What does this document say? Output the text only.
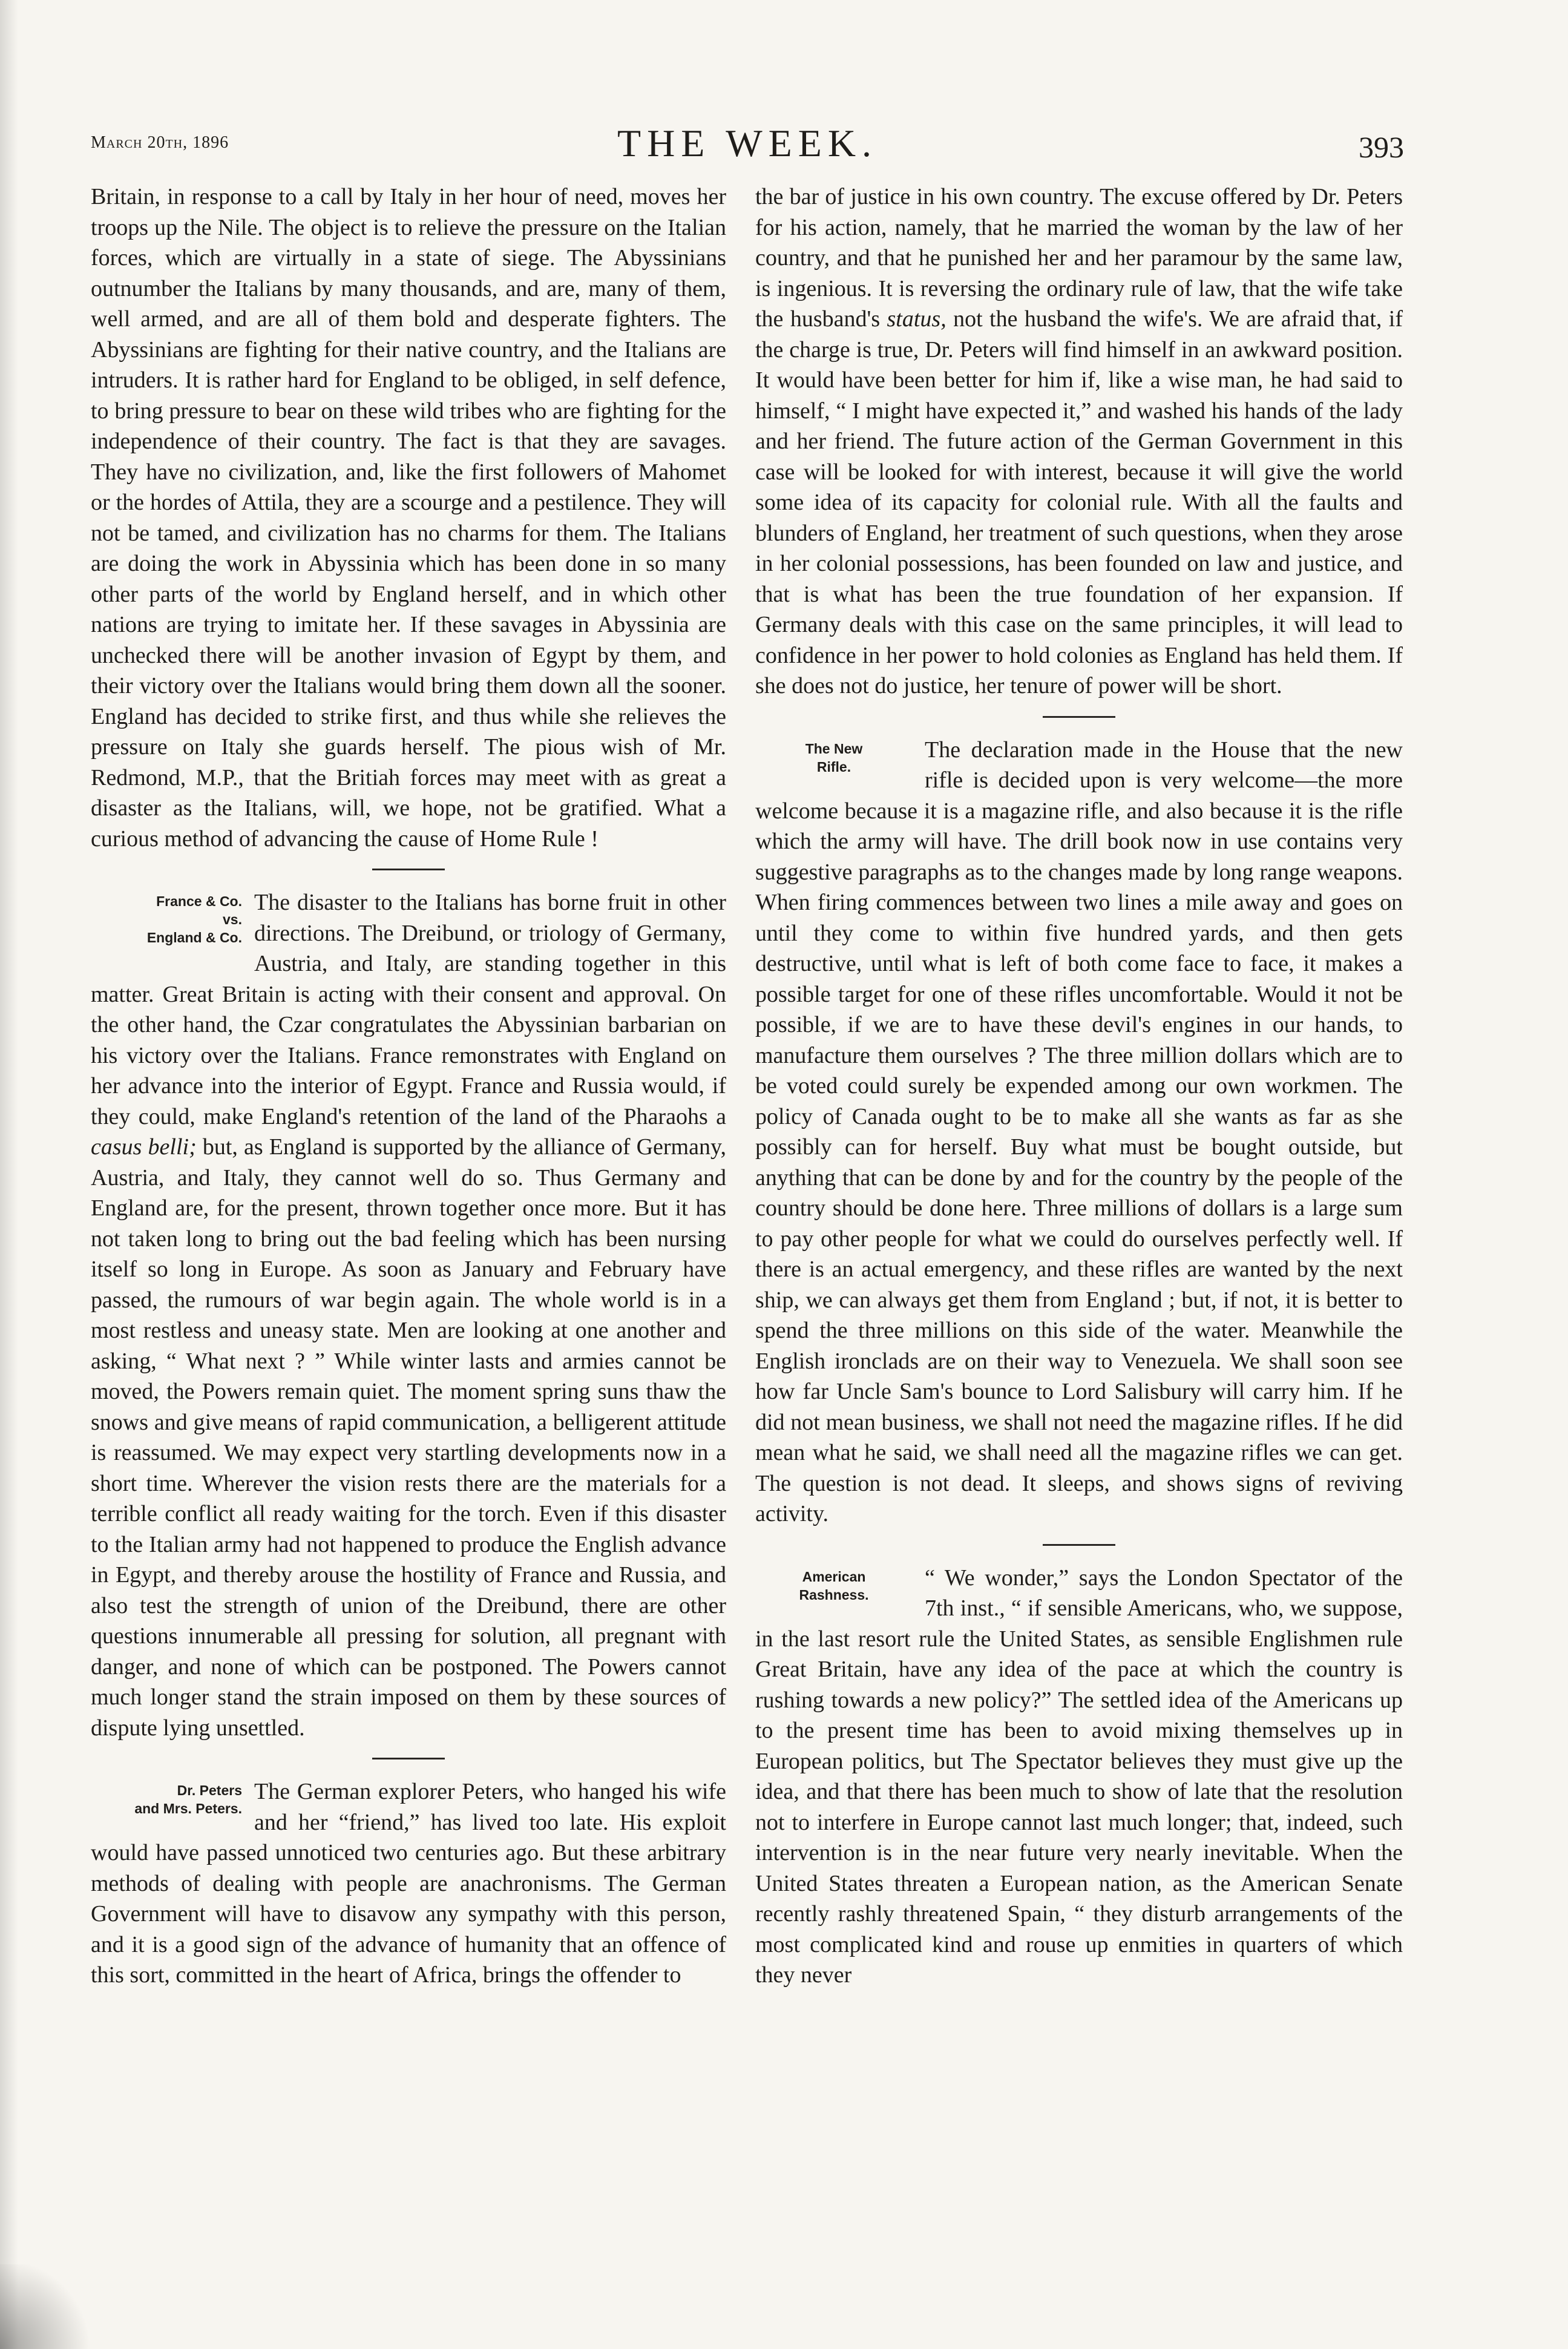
March 20th, 1896	THE WEEK.	393

Britain, in response to a call by Italy in her hour of need, moves her troops up the Nile. The object is to relieve the pressure on the Italian forces, which are virtually in a state of siege. The Abyssinians outnumber the Italians by many thousands, and are, many of them, well armed, and are all of them bold and desperate fighters. The Abyssinians are fighting for their native country, and the Italians are intruders. It is rather hard for England to be obliged, in self defence, to bring pressure to bear on these wild tribes who are fighting for the independence of their country. The fact is that they are savages. They have no civilization, and, like the first followers of Mahomet or the hordes of Attila, they are a scourge and a pestilence. They will not be tamed, and civilization has no charms for them. The Italians are doing the work in Abyssinia which has been done in so many other parts of the world by England herself, and in which other nations are trying to imitate her. If these savages in Abyssinia are unchecked there will be another invasion of Egypt by them, and their victory over the Italians would bring them down all the sooner. England has decided to strike first, and thus while she relieves the pressure on Italy she guards herself. The pious wish of Mr. Redmond, M.P., that the Britiah forces may meet with as great a disaster as the Italians, will, we hope, not be gratified. What a curious method of advancing the cause of Home Rule !

France & Co.
vs.
England & Co.

The disaster to the Italians has borne fruit in other directions. The Dreibund, or triology of Germany, Austria, and Italy, are standing together in this matter. Great Britain is acting with their consent and approval. On the other hand, the Czar congratulates the Abyssinian barbarian on his victory over the Italians. France remonstrates with England on her advance into the interior of Egypt. France and Russia would, if they could, make England's retention of the land of the Pharaohs a casus belli; but, as England is supported by the alliance of Germany, Austria, and Italy, they cannot well do so. Thus Germany and England are, for the present, thrown together once more. But it has not taken long to bring out the bad feeling which has been nursing itself so long in Europe. As soon as January and February have passed, the rumours of war begin again. The whole world is in a most restless and uneasy state. Men are looking at one another and asking, “ What next ? ” While winter lasts and armies cannot be moved, the Powers remain quiet. The moment spring suns thaw the snows and give means of rapid communication, a belligerent attitude is reassumed. We may expect very startling developments now in a short time. Wherever the vision rests there are the materials for a terrible conflict all ready waiting for the torch. Even if this disaster to the Italian army had not happened to produce the English advance in Egypt, and thereby arouse the hostility of France and Russia, and also test the strength of union of the Dreibund, there are other questions innumerable all pressing for solution, all pregnant with danger, and none of which can be postponed. The Powers cannot much longer stand the strain imposed on them by these sources of dispute lying unsettled.

Dr. Peters
and Mrs. Peters.

The German explorer Peters, who hanged his wife and her “friend,” has lived too late. His exploit would have passed unnoticed two centuries ago. But these arbitrary methods of dealing with people are anachronisms. The German Government will have to disavow any sympathy with this person, and it is a good sign of the advance of humanity that an offence of this sort, committed in the heart of Africa, brings the offender to

the bar of justice in his own country. The excuse offered by Dr. Peters for his action, namely, that he married the woman by the law of her country, and that he punished her and her paramour by the same law, is ingenious. It is reversing the ordinary rule of law, that the wife take the husband's status, not the husband the wife's. We are afraid that, if the charge is true, Dr. Peters will find himself in an awkward position. It would have been better for him if, like a wise man, he had said to himself, “ I might have expected it,” and washed his hands of the lady and her friend. The future action of the German Government in this case will be looked for with interest, because it will give the world some idea of its capacity for colonial rule. With all the faults and blunders of England, her treatment of such questions, when they arose in her colonial possessions, has been founded on law and justice, and that is what has been the true foundation of her expansion. If Germany deals with this case on the same principles, it will lead to confidence in her power to hold colonies as England has held them. If she does not do justice, her tenure of power will be short.

The New
Rifle.

The declaration made in the House that the new rifle is decided upon is very welcome—the more welcome because it is a magazine rifle, and also because it is the rifle which the army will have. The drill book now in use contains very suggestive paragraphs as to the changes made by long range weapons. When firing commences between two lines a mile away and goes on until they come to within five hundred yards, and then gets destructive, until what is left of both come face to face, it makes a possible target for one of these rifles uncomfortable. Would it not be possible, if we are to have these devil's engines in our hands, to manufacture them ourselves ? The three million dollars which are to be voted could surely be expended among our own workmen. The policy of Canada ought to be to make all she wants as far as she possibly can for herself. Buy what must be bought outside, but anything that can be done by and for the country by the people of the country should be done here. Three millions of dollars is a large sum to pay other people for what we could do ourselves perfectly well. If there is an actual emergency, and these rifles are wanted by the next ship, we can always get them from England ; but, if not, it is better to spend the three millions on this side of the water. Meanwhile the English ironclads are on their way to Venezuela. We shall soon see how far Uncle Sam's bounce to Lord Salisbury will carry him. If he did not mean business, we shall not need the magazine rifles. If he did mean what he said, we shall need all the magazine rifles we can get. The question is not dead. It sleeps, and shows signs of reviving activity.

American
Rashness.

“ We wonder,” says the London Spectator of the 7th inst., “ if sensible Americans, who, we suppose, in the last resort rule the United States, as sensible Englishmen rule Great Britain, have any idea of the pace at which the country is rushing towards a new policy?” The settled idea of the Americans up to the present time has been to avoid mixing themselves up in European politics, but The Spectator believes they must give up the idea, and that there has been much to show of late that the resolution not to interfere in Europe cannot last much longer; that, indeed, such intervention is in the near future very nearly inevitable. When the United States threaten a European nation, as the American Senate recently rashly threatened Spain, “ they disturb arrangements of the most complicated kind and rouse up enmities in quarters of which they never
